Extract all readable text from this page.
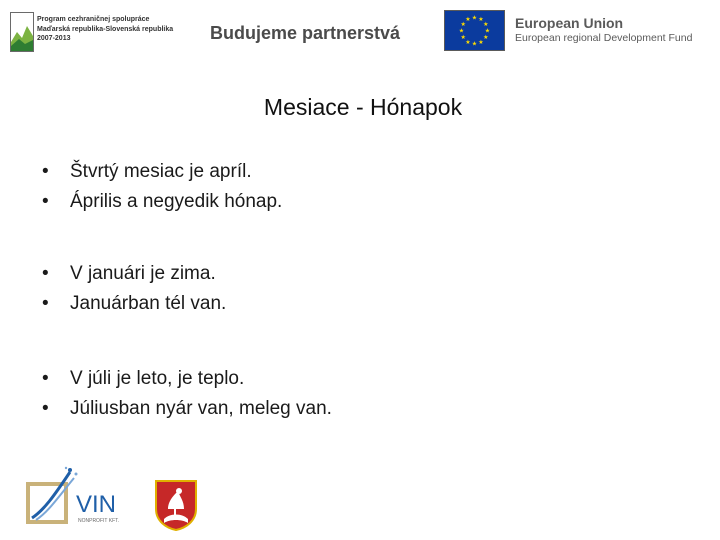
Program cezhraničnej spolupráce
Maďarská republika-Slovenská republika
2007-2013	Budujeme partnerstvá
★ ★
★
★
★
★
★
★
★
★
★
★	European Union
European regional Development Fund
Mesiace - Hónapok
•	Štvrtý mesiac je apríl.
•	Április a negyedik hónap.
•	V januári je zima.
•	Januárban tél van.
•	V júli je leto, je teplo.
•	Júliusban nyár van, meleg van.
VIN
NONPROFIT KFT.
